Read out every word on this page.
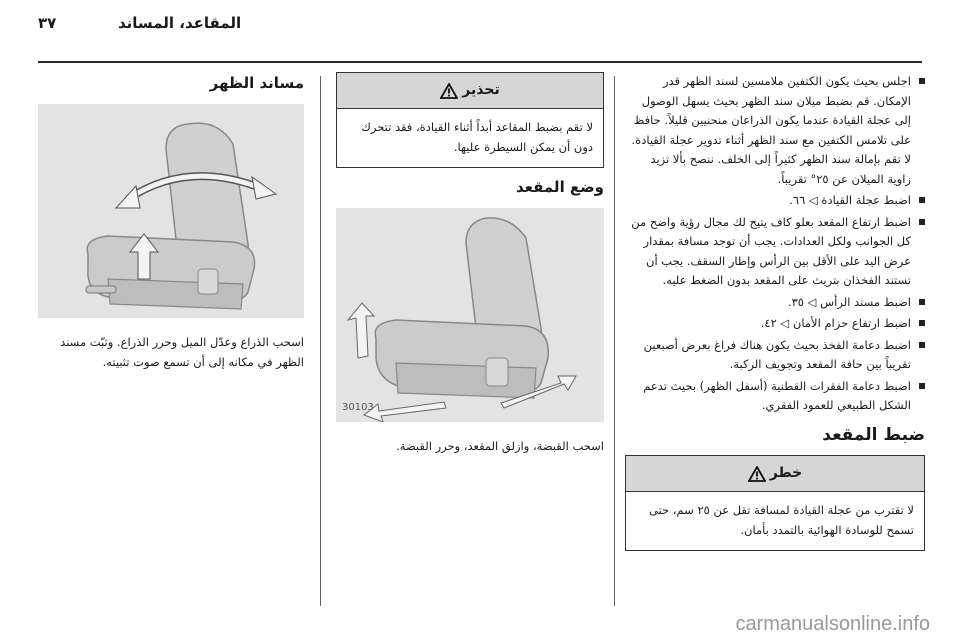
٣٧	المقاعد، المساند
اجلس بحيث يكون الكتفين ملامسين لسند الظهر قدر الإمكان. قم بضبط ميلان سند الظهر بحيث يسهل الوصول إلى عجلة القيادة عندما يكون الذراعان منحنيين قليلاً. حافظ على تلامس الكتفين مع سند الظهر أثناء تدوير عجلة القيادة. لا تقم بإمالة سند الظهر كثيراً إلى الخلف. ننصح بألا تزيد زاوية الميلان عن ٢٥° تقريباً.
اضبط عجلة القيادة ◁ ٦٦.
اضبط ارتفاع المقعد بعلو كاف يتيح لك مجال رؤية واضح من كل الجوانب ولكل العدادات. يجب أن توجد مسافة بمقدار عرض اليد على الأقل بين الرأس وإطار السقف. يجب أن تستند الفخذان بتريث على المقعد بدون الضغط عليه.
اضبط مسند الرأس ◁ ٣٥.
اضبط ارتفاع حزام الأمان ◁ ٤٢.
اضبط دعامة الفخذ بحيث يكون هناك فراغ بعرض أصبعين تقريباً بين حافة المقعد وتجويف الركبة.
اضبط دعامة الفقرات القطنية (أسفل الظهر) بحيث تدعم الشكل الطبيعي للعمود الفقري.
ضبط المقعد
خطر
لا تقترب من عجلة القيادة لمسافة تقل عن ٢٥ سم، حتى تسمح للوسادة الهوائية بالتمدد بأمان.
تحذير
لا تقم بضبط المقاعد أبداً أثناء القيادة، فقد تتحرك دون أن يمكن السيطرة عليها.
وضع المقعد
30103

اسحب القبضة، وازلق المقعد، وحرر القبضة.

مساند الظهر

اسحب الذراع وعدّل الميل وحرر الذراع. وثبّت مسند الظهر في مكانه إلى أن تسمع صوت تثبيته.

carmanualsonline.info
